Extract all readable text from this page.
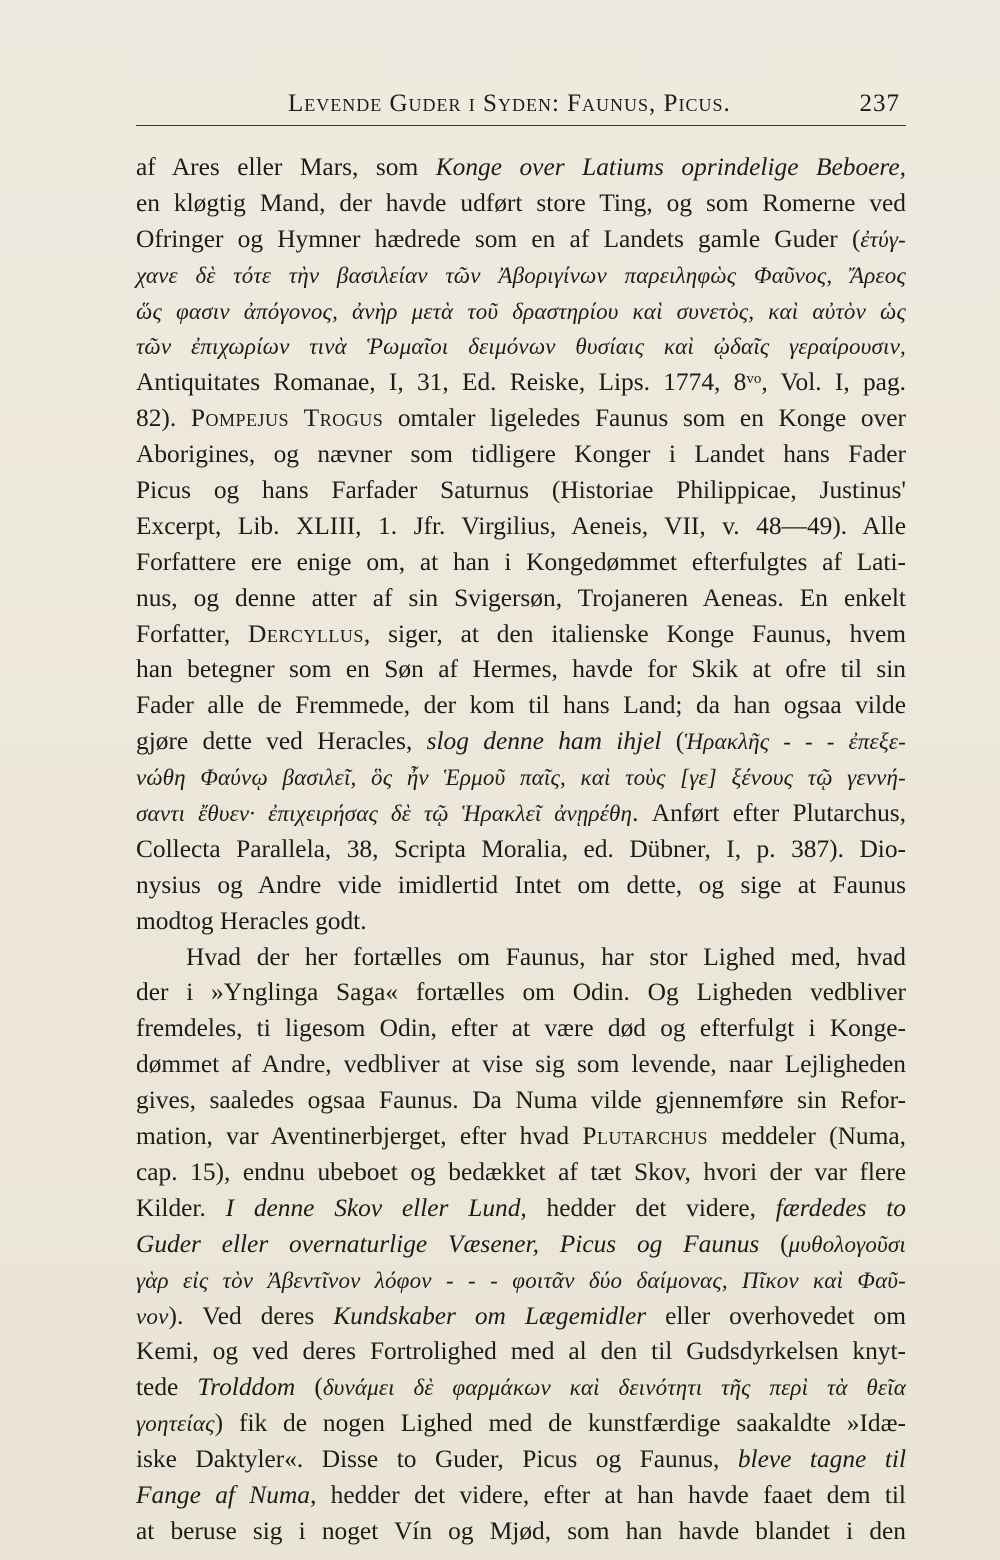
Levende Guder i Syden: Faunus, Picus.	237
af Ares eller Mars, som Konge over Latiums oprindelige Beboere,
en kløgtig Mand, der havde udført store Ting, og som Romerne ved
Ofringer og Hymner hædrede som en af Landets gamle Guder (ἐτύγ-
χανε δὲ τότε τὴν βασιλείαν τῶν Ἀβοριγίνων παρειληφὼς Φαῦνος, Ἄρεος
ὥς φασιν ἀπόγονος, ἀνὴρ μετὰ τοῦ δραστηρίου καὶ συνετὸς, καὶ αὐτὸν ὡς
τῶν ἐπιχωρίων τινὰ Ῥωμαῖοι δειμόνων θυσίαις καὶ ᾠδαῖς γεραίρουσιν,
Antiquitates Romanae, I, 31, Ed. Reiske, Lips. 1774, $8^{vo}$, Vol. I, pag.
82). Pompejus Trogus omtaler ligeledes Faunus som en Konge over
Aborigines, og nævner som tidligere Konger i Landet hans Fader
Picus og hans Farfader Saturnus (Historiae Philippicae, Justinus'
Excerpt, Lib. XLIII, 1. Jfr. Virgilius, Aeneis, VII, v. 48—49). Alle
Forfattere ere enige om, at han i Kongedømmet efterfulgtes af Lati-
nus, og denne atter af sin Svigersøn, Trojaneren Aeneas. En enkelt
Forfatter, Dercyllus, siger, at den italienske Konge Faunus, hvem
han betegner som en Søn af Hermes, havde for Skik at ofre til sin
Fader alle de Fremmede, der kom til hans Land; da han ogsaa vilde
gjøre dette ved Heracles, slog denne ham ihjel (Ἡρακλῆς - - - ἐπεξε-
νώθη Φαύνῳ βασιλεῖ, ὃς ἦν Ἑρμοῦ παῖς, καὶ τοὺς [γε] ξένους τῷ γεννή-
σαντι ἔθυεν· ἐπιχειρήσας δὲ τῷ Ἡρακλεῖ ἀνῃρέθη. Anført efter Plutarchus,
Collecta Parallela, 38, Scripta Moralia, ed. Dübner, I, p. 387). Dio-
nysius og Andre vide imidlertid Intet om dette, og sige at Faunus
modtog Heracles godt.
Hvad der her fortælles om Faunus, har stor Lighed med, hvad
der i »Ynglinga Saga« fortælles om Odin. Og Ligheden vedbliver
fremdeles, ti ligesom Odin, efter at være død og efterfulgt i Konge-
dømmet af Andre, vedbliver at vise sig som levende, naar Lejligheden
gives, saaledes ogsaa Faunus. Da Numa vilde gjennemføre sin Refor-
mation, var Aventinerbjerget, efter hvad Plutarchus meddeler (Numa,
cap. 15), endnu ubeboet og bedækket af tæt Skov, hvori der var flere
Kilder. I denne Skov eller Lund, hedder det videre, færdedes to
Guder eller overnaturlige Væsener, Picus og Faunus (μυθολογοῦσι
γὰρ εἰς τὸν Ἀβεντῖνον λόφον - - - φοιτᾶν δύο δαίμονας, Πῖκον καὶ Φαῦ-
νον). Ved deres Kundskaber om Lægemidler eller overhovedet om
Kemi, og ved deres Fortrolighed med al den til Gudsdyrkelsen knyt-
tede Trolddom (δυνάμει δὲ φαρμάκων καὶ δεινότητι τῆς περὶ τὰ θεῖα
γοητείας) fik de nogen Lighed med de kunstfærdige saakaldte »Idæ-
iske Daktyler«. Disse to Guder, Picus og Faunus, bleve tagne til
Fange af Numa, hedder det videre, efter at han havde faaet dem til
at beruse sig i noget Vín og Mjød, som han havde blandet i den
